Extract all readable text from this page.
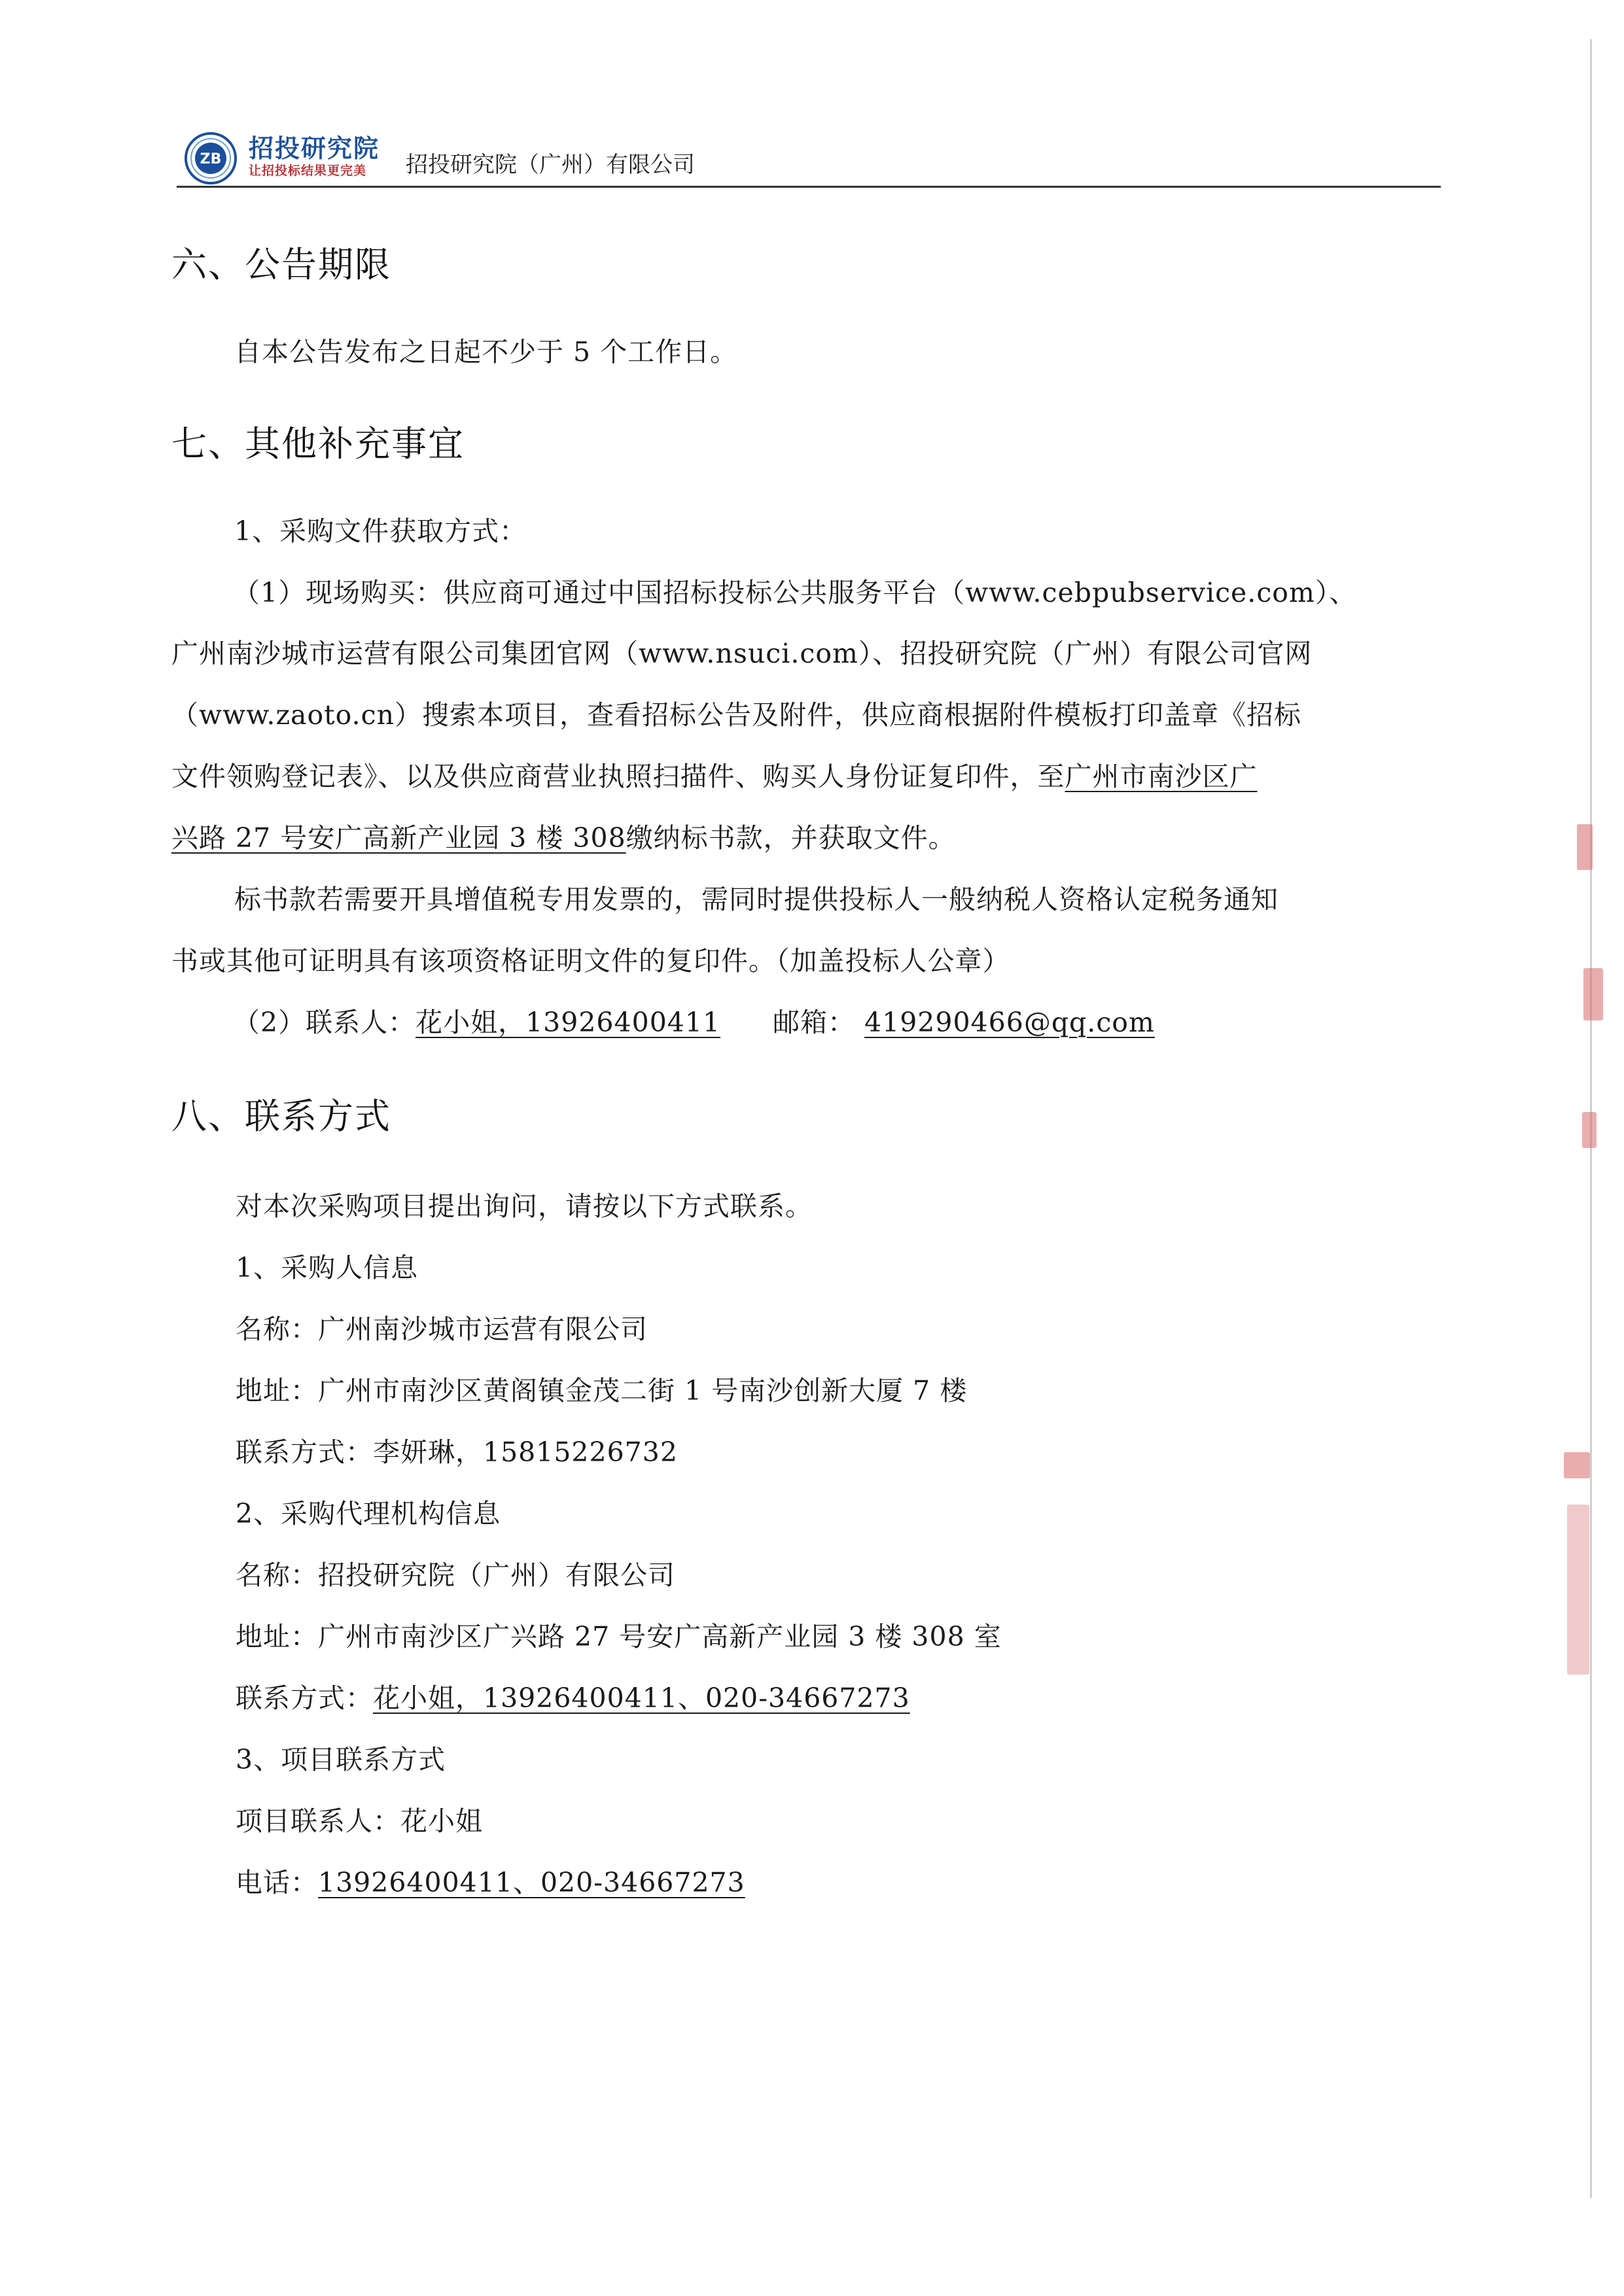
ZB 招投研究院
让招投标结果更完美 招投研究院（广州）有限公司
六、公告期限
自本公告发布之日起不少于 5 个工作日。
七、其他补充事宜
1、采购文件获取方式：
（1）现场购买：供应商可通过中国招标投标公共服务平台（www.cebpubservice.com）、
广州南沙城市运营有限公司集团官网（www.nsuci.com）、招投研究院（广州）有限公司官网
（www.zaoto.cn）搜索本项目，查看招标公告及附件，供应商根据附件模板打印盖章《招标
文件领购登记表》、以及供应商营业执照扫描件、购买人身份证复印件，至广州市南沙区广
兴路 27 号安广高新产业园 3 楼 308缴纳标书款，并获取文件。
标书款若需要开具增值税专用发票的，需同时提供投标人一般纳税人资格认定税务通知
书或其他可证明具有该项资格证明文件的复印件。（加盖投标人公章）
（2）联系人：花小姐，13926400411 邮箱： 419290466@qq.com
八、联系方式
对本次采购项目提出询问，请按以下方式联系。
1、采购人信息
名称：广州南沙城市运营有限公司
地址：广州市南沙区黄阁镇金茂二街 1 号南沙创新大厦 7 楼
联系方式：李妍琳，15815226732
2、采购代理机构信息
名称：招投研究院（广州）有限公司
地址：广州市南沙区广兴路 27 号安广高新产业园 3 楼 308 室
联系方式：花小姐，13926400411、020-34667273
3、项目联系方式
项目联系人：花小姐
电话：13926400411、020-34667273
